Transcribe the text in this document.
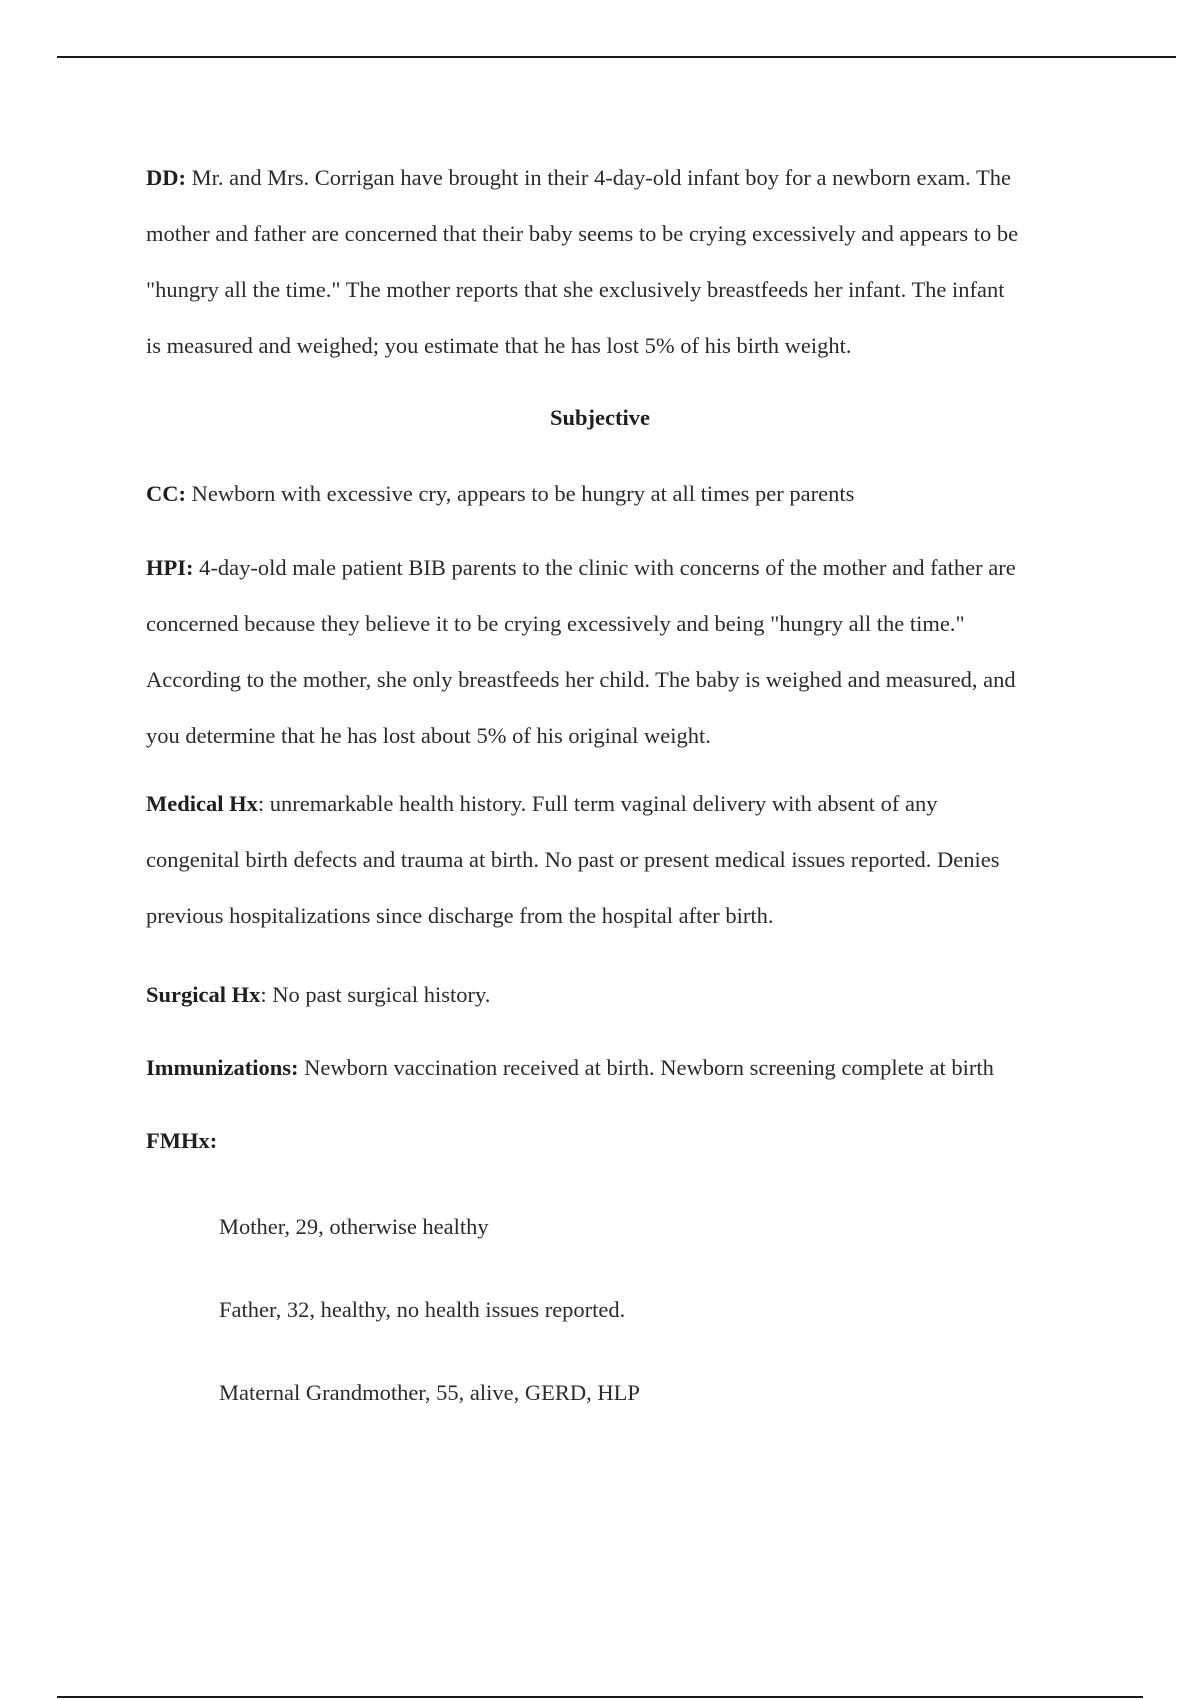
DD: Mr. and Mrs. Corrigan have brought in their 4-day-old infant boy for a newborn exam. The
mother and father are concerned that their baby seems to be crying excessively and appears to be
"hungry all the time." The mother reports that she exclusively breastfeeds her infant. The infant
is measured and weighed; you estimate that he has lost 5% of his birth weight.
Subjective
CC: Newborn with excessive cry, appears to be hungry at all times per parents
HPI: 4-day-old male patient BIB parents to the clinic with concerns of the mother and father are
concerned because they believe it to be crying excessively and being "hungry all the time."
According to the mother, she only breastfeeds her child. The baby is weighed and measured, and
you determine that he has lost about 5% of his original weight.
Medical Hx: unremarkable health history. Full term vaginal delivery with absent of any
congenital birth defects and trauma at birth. No past or present medical issues reported. Denies
previous hospitalizations since discharge from the hospital after birth.
Surgical Hx: No past surgical history.
Immunizations: Newborn vaccination received at birth. Newborn screening complete at birth
FMHx:
Mother, 29, otherwise healthy
Father, 32, healthy, no health issues reported.
Maternal Grandmother, 55, alive, GERD, HLP
